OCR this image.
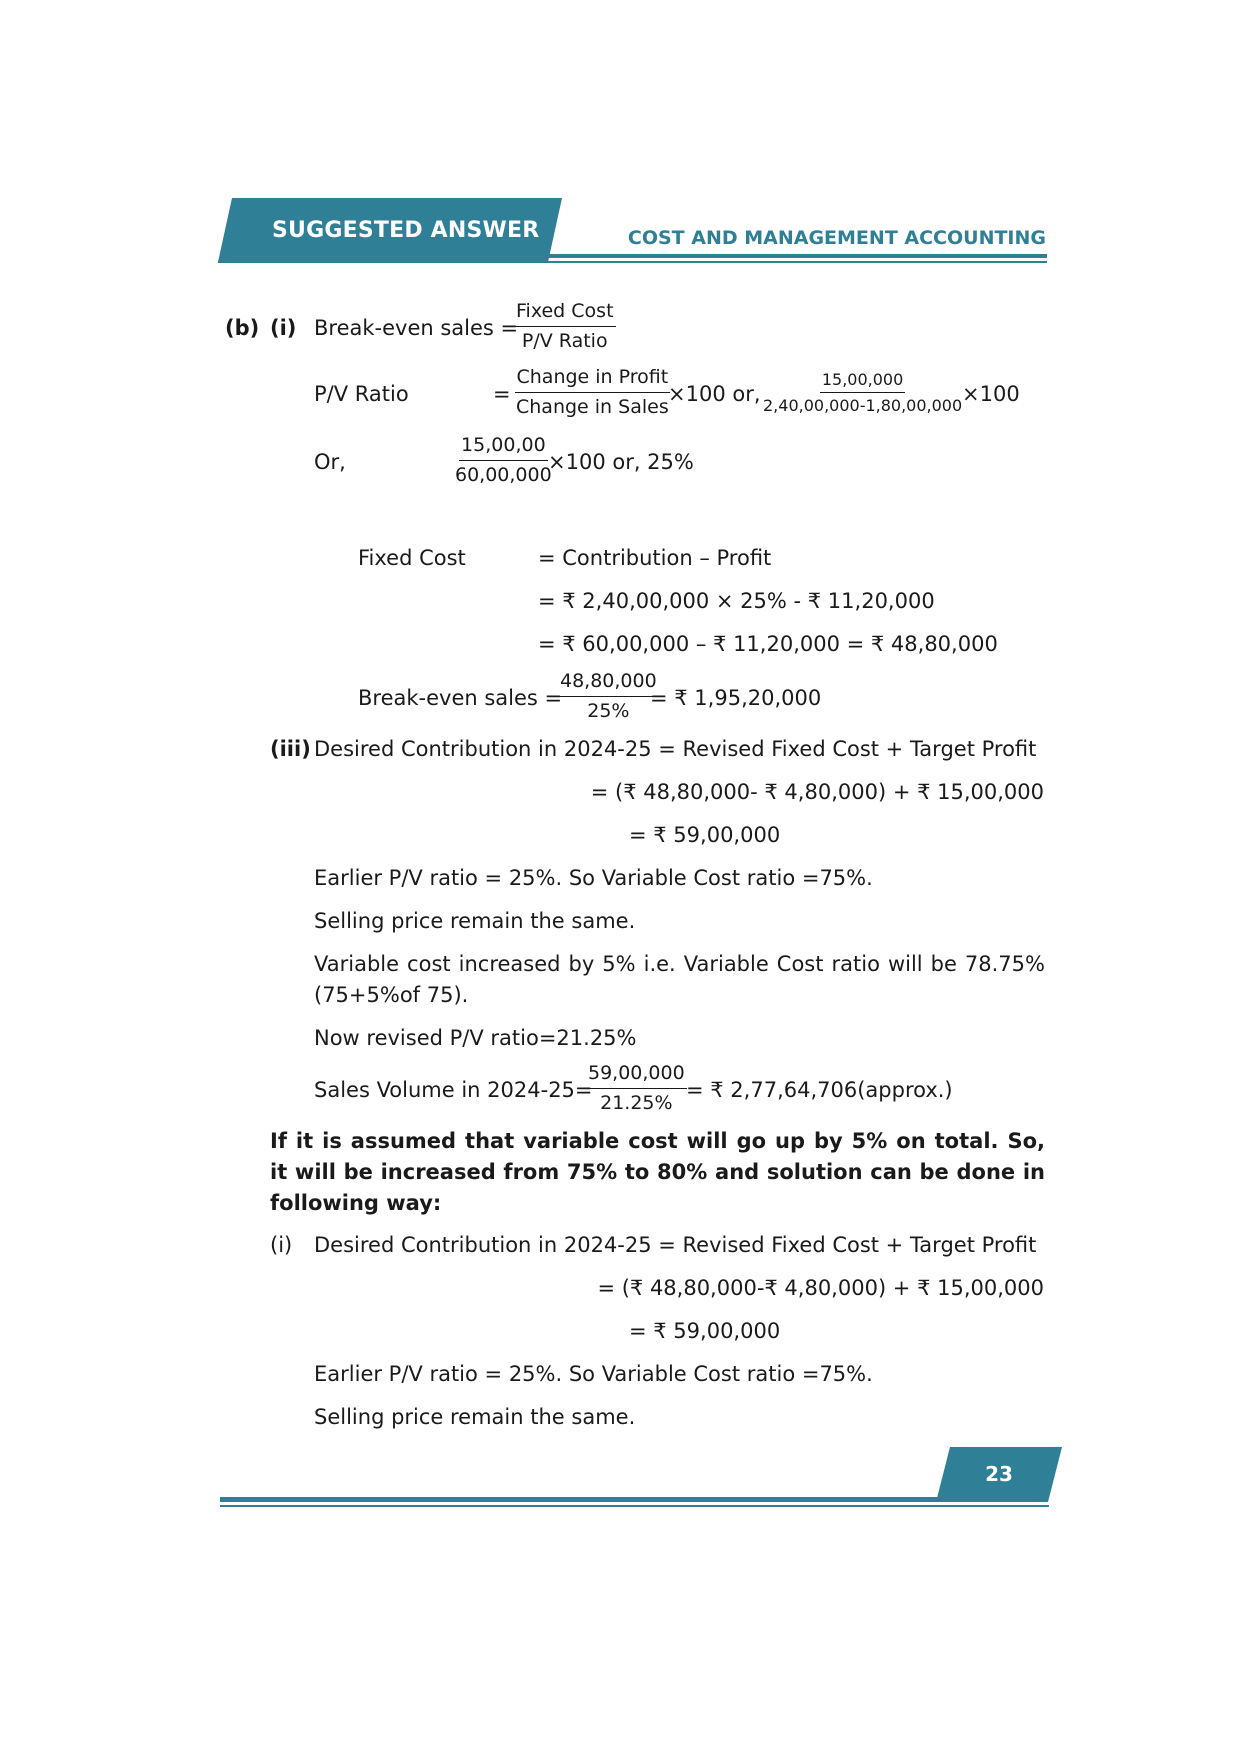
SUGGESTED ANSWER	COST AND MANAGEMENT ACCOUNTING
(b) (i) Break-even sales =
Fixed Cost
P/V Ratio
P/V Ratio	=
Change in Profit
Change in Sales
×100 or, $\frac{15,00,000}{2,40,00,000-1,80,00,000}$
×100
Or,	$\frac{15,00,00}{60,00,000}$
×100 or, 25%
Fixed Cost	= Contribution – Profit
= ₹ 2,40,00,000 × 25% - ₹ 11,20,000
= ₹ 60,00,000 – ₹ 11,20,000 = ₹ 48,80,000
Break-even sales =
$\frac{48,80,000}{25\%}$
= ₹ 1,95,20,000
(iii) Desired Contribution in 2024-25 = Revised Fixed Cost + Target Profit
= (₹ 48,80,000- ₹ 4,80,000) + ₹ 15,00,000
= ₹ 59,00,000
Earlier P/V ratio = 25%. So Variable Cost ratio =75%.
Selling price remain the same.
Variable cost increased by 5% i.e. Variable Cost ratio will be 78.75% (75+5%of 75).
Now revised P/V ratio=21.25%
Sales Volume in 2024-25=
$\frac{59,00,000}{21.25\%}$ = ₹ 2,77,64,706(approx.)
If it is assumed that variable cost will go up by 5% on total. So, it will be increased from 75% to 80% and solution can be done in following way:
(i) Desired Contribution in 2024-25 = Revised Fixed Cost + Target Profit
= (₹ 48,80,000-₹ 4,80,000) + ₹ 15,00,000
= ₹ 59,00,000
Earlier P/V ratio = 25%. So Variable Cost ratio =75%.
Selling price remain the same.
23
